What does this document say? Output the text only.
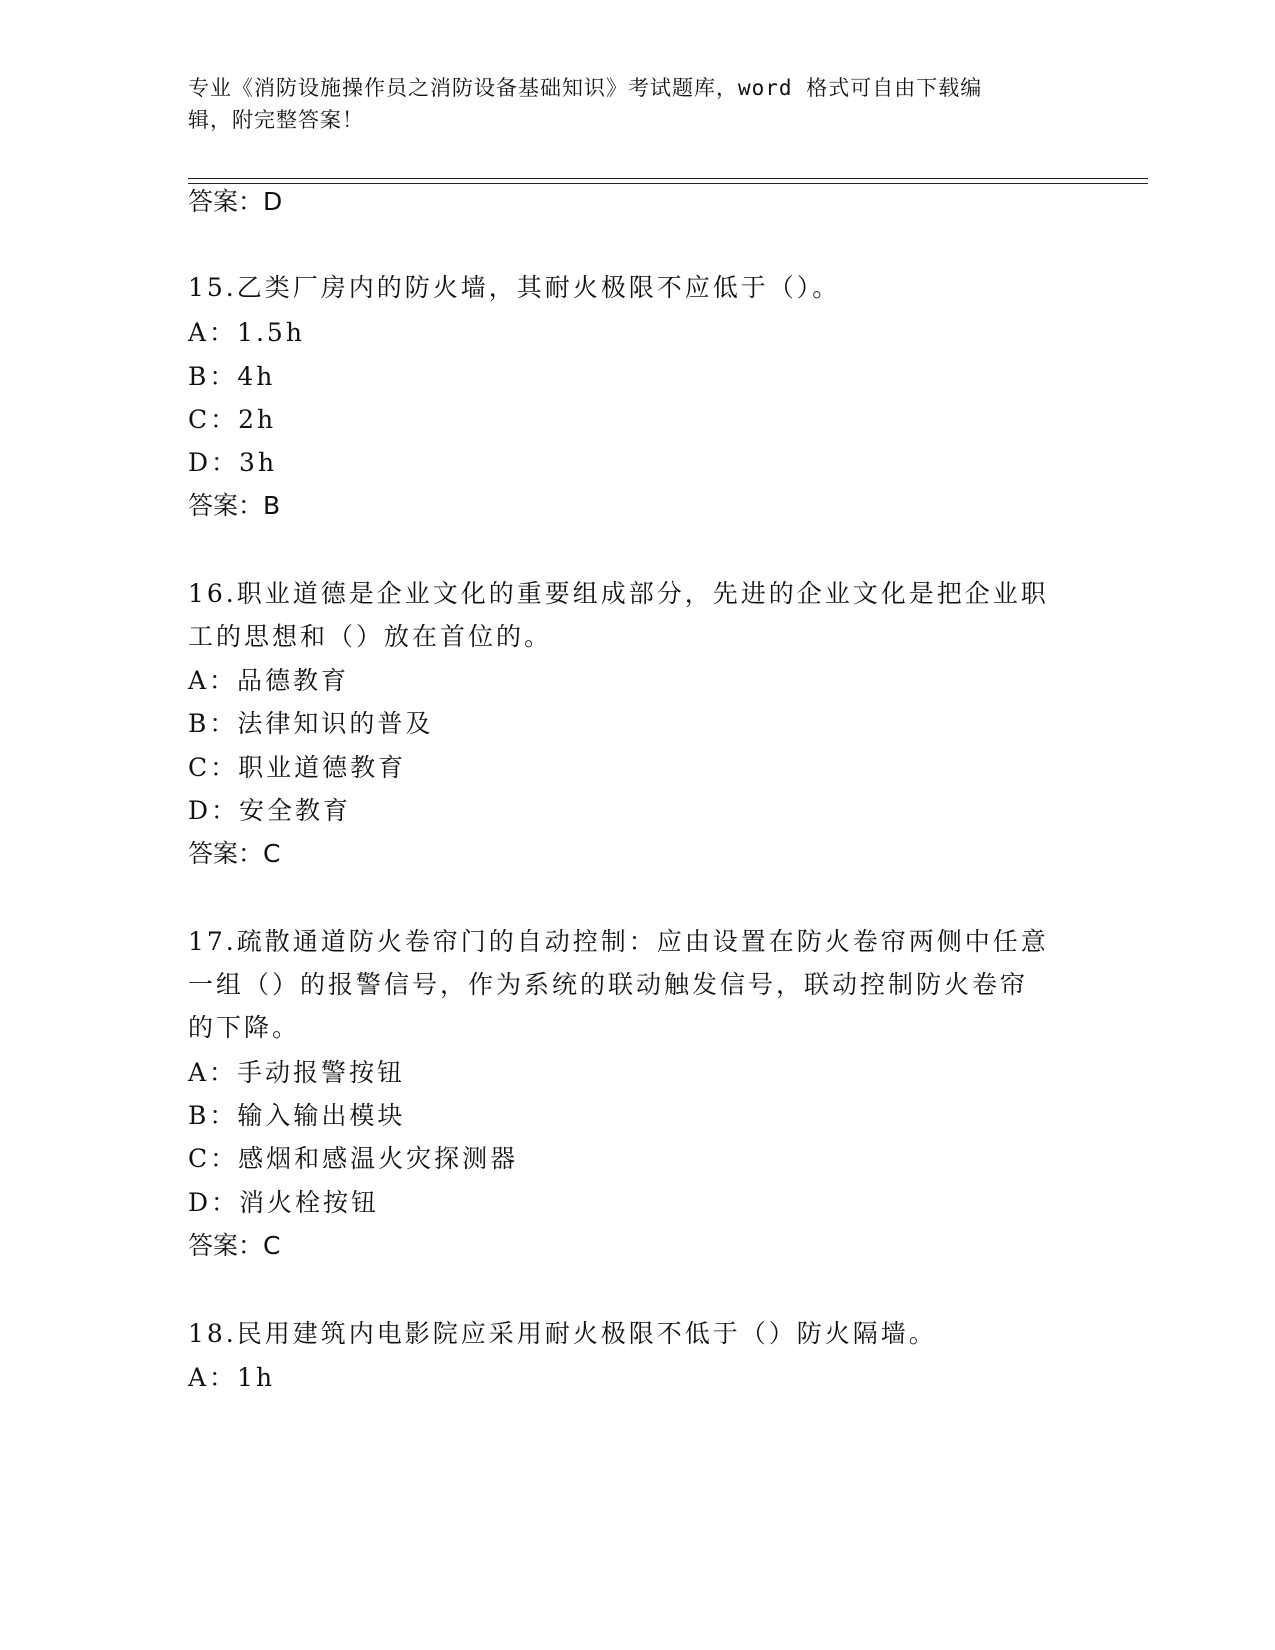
专业《消防设施操作员之消防设备基础知识》考试题库，word 格式可自由下载编
辑，附完整答案！
答案：D
15.乙类厂房内的防火墙，其耐火极限不应低于（）。
A：1.5h
B：4h
C：2h
D：3h
答案：B
16.职业道德是企业文化的重要组成部分，先进的企业文化是把企业职
工的思想和（）放在首位的。
A：品德教育
B：法律知识的普及
C：职业道德教育
D：安全教育
答案：C
17.疏散通道防火卷帘门的自动控制：应由设置在防火卷帘两侧中任意
一组（）的报警信号，作为系统的联动触发信号，联动控制防火卷帘
的下降。
A：手动报警按钮
B：输入输出模块
C：感烟和感温火灾探测器
D：消火栓按钮
答案：C
18.民用建筑内电影院应采用耐火极限不低于（）防火隔墙。
A：1h
